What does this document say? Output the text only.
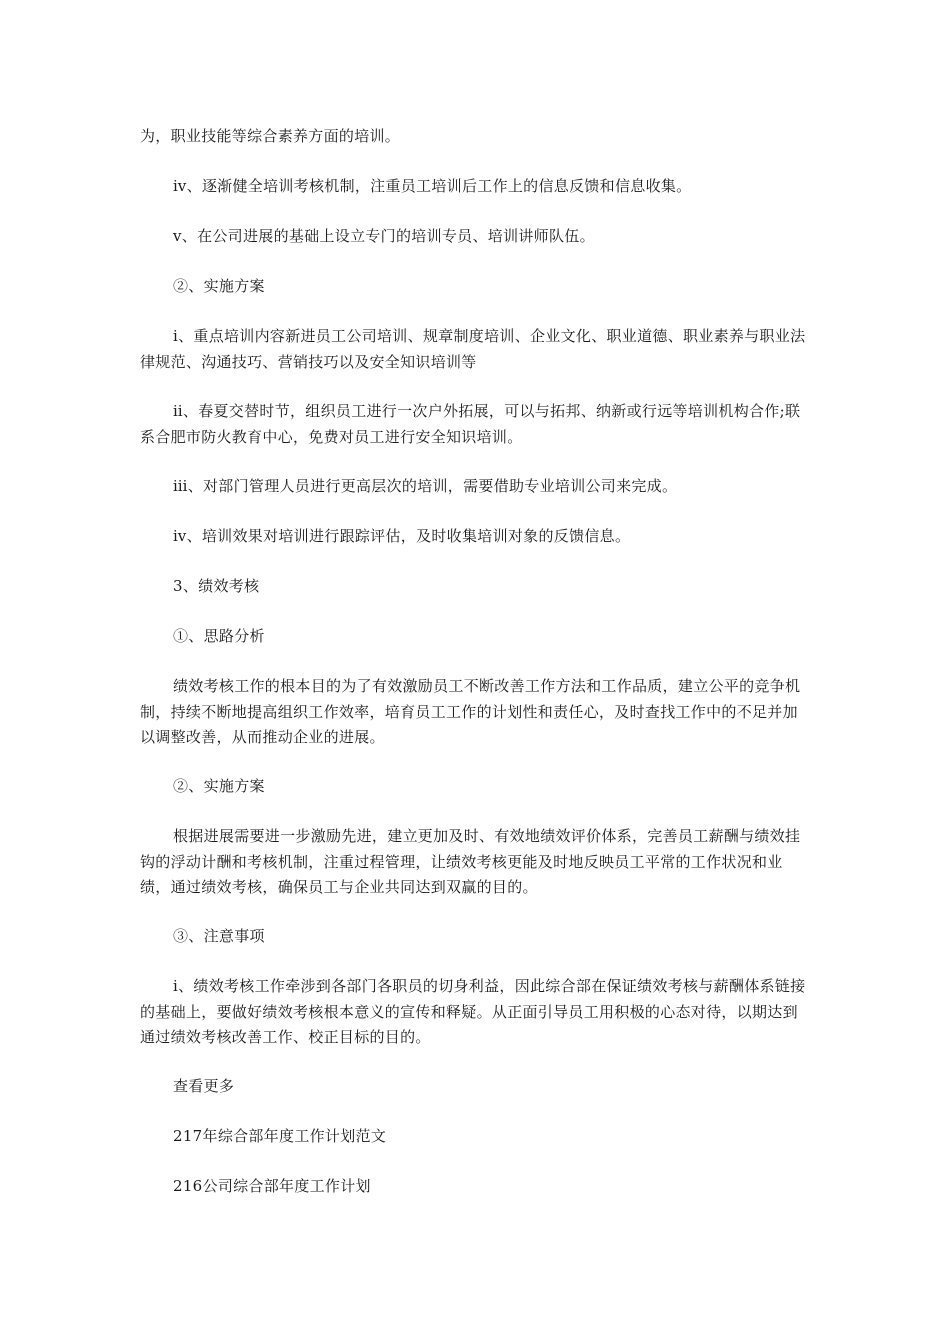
为，职业技能等综合素养方面的培训。

ⅳ、逐渐健全培训考核机制，注重员工培训后工作上的信息反馈和信息收集。

ⅴ、在公司进展的基础上设立专门的培训专员、培训讲师队伍。

②、实施方案

ⅰ、重点培训内容新进员工公司培训、规章制度培训、企业文化、职业道德、职业素养与职业法律规范、沟通技巧、营销技巧以及安全知识培训等

ⅱ、春夏交替时节，组织员工进行一次户外拓展，可以与拓邦、纳新或行远等培训机构合作;联系合肥市防火教育中心，免费对员工进行安全知识培训。

ⅲ、对部门管理人员进行更高层次的培训，需要借助专业培训公司来完成。

ⅳ、培训效果对培训进行跟踪评估，及时收集培训对象的反馈信息。

3、绩效考核

①、思路分析

绩效考核工作的根本目的为了有效激励员工不断改善工作方法和工作品质，建立公平的竞争机制，持续不断地提高组织工作效率，培育员工工作的计划性和责任心，及时查找工作中的不足并加以调整改善，从而推动企业的进展。

②、实施方案

根据进展需要进一步激励先进，建立更加及时、有效地绩效评价体系，完善员工薪酬与绩效挂钩的浮动计酬和考核机制，注重过程管理，让绩效考核更能及时地反映员工平常的工作状况和业绩，通过绩效考核，确保员工与企业共同达到双赢的目的。

③、注意事项

ⅰ、绩效考核工作牵涉到各部门各职员的切身利益，因此综合部在保证绩效考核与薪酬体系链接的基础上，要做好绩效考核根本意义的宣传和释疑。从正面引导员工用积极的心态对待，以期达到通过绩效考核改善工作、校正目标的目的。

查看更多

217年综合部年度工作计划范文

216公司综合部年度工作计划
